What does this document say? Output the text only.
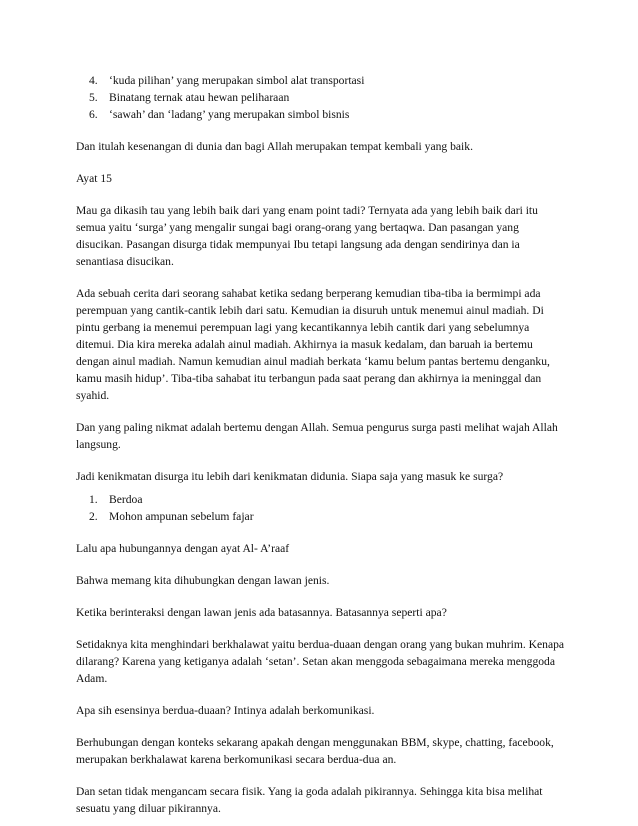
4. ‘kuda pilihan’ yang merupakan simbol alat transportasi
5. Binatang ternak atau hewan peliharaan
6. ‘sawah’ dan ‘ladang’ yang merupakan simbol bisnis

Dan itulah kesenangan di dunia dan bagi Allah merupakan tempat kembali yang baik.

Ayat 15

Mau ga dikasih tau yang lebih baik dari yang enam point tadi? Ternyata ada yang lebih baik dari itu semua yaitu ‘surga’ yang mengalir sungai bagi orang-orang yang bertaqwa. Dan pasangan yang disucikan. Pasangan disurga tidak mempunyai Ibu tetapi langsung ada dengan sendirinya dan ia senantiasa disucikan.

Ada sebuah cerita dari seorang sahabat ketika sedang berperang kemudian tiba-tiba ia bermimpi ada perempuan yang cantik-cantik lebih dari satu. Kemudian ia disuruh untuk menemui ainul madiah. Di pintu gerbang ia menemui perempuan lagi yang kecantikannya lebih cantik dari yang sebelumnya ditemui. Dia kira mereka adalah ainul madiah. Akhirnya ia masuk kedalam, dan baruah ia bertemu dengan ainul madiah. Namun kemudian ainul madiah berkata ‘kamu belum pantas bertemu denganku, kamu masih hidup’. Tiba-tiba sahabat itu terbangun pada saat perang dan akhirnya ia meninggal dan syahid.

Dan yang paling nikmat adalah bertemu dengan Allah. Semua pengurus surga pasti melihat wajah Allah langsung.

Jadi kenikmatan disurga itu lebih dari kenikmatan didunia. Siapa saja yang masuk ke surga?

1. Berdoa
2. Mohon ampunan sebelum fajar

Lalu apa hubungannya dengan ayat Al- A’raaf

Bahwa memang kita dihubungkan dengan lawan jenis.

Ketika berinteraksi dengan lawan jenis ada batasannya. Batasannya seperti apa?

Setidaknya kita menghindari berkhalawat yaitu berdua-duaan dengan orang yang bukan muhrim. Kenapa dilarang? Karena yang ketiganya adalah ‘setan’. Setan akan menggoda sebagaimana mereka menggoda Adam.

Apa sih esensinya berdua-duaan? Intinya adalah berkomunikasi.

Berhubungan dengan konteks sekarang apakah dengan menggunakan BBM, skype, chatting, facebook, merupakan berkhalawat karena berkomunikasi secara berdua-dua an.

Dan setan tidak mengancam secara fisik. Yang ia goda adalah pikirannya. Sehingga kita bisa melihat sesuatu yang diluar pikirannya.
